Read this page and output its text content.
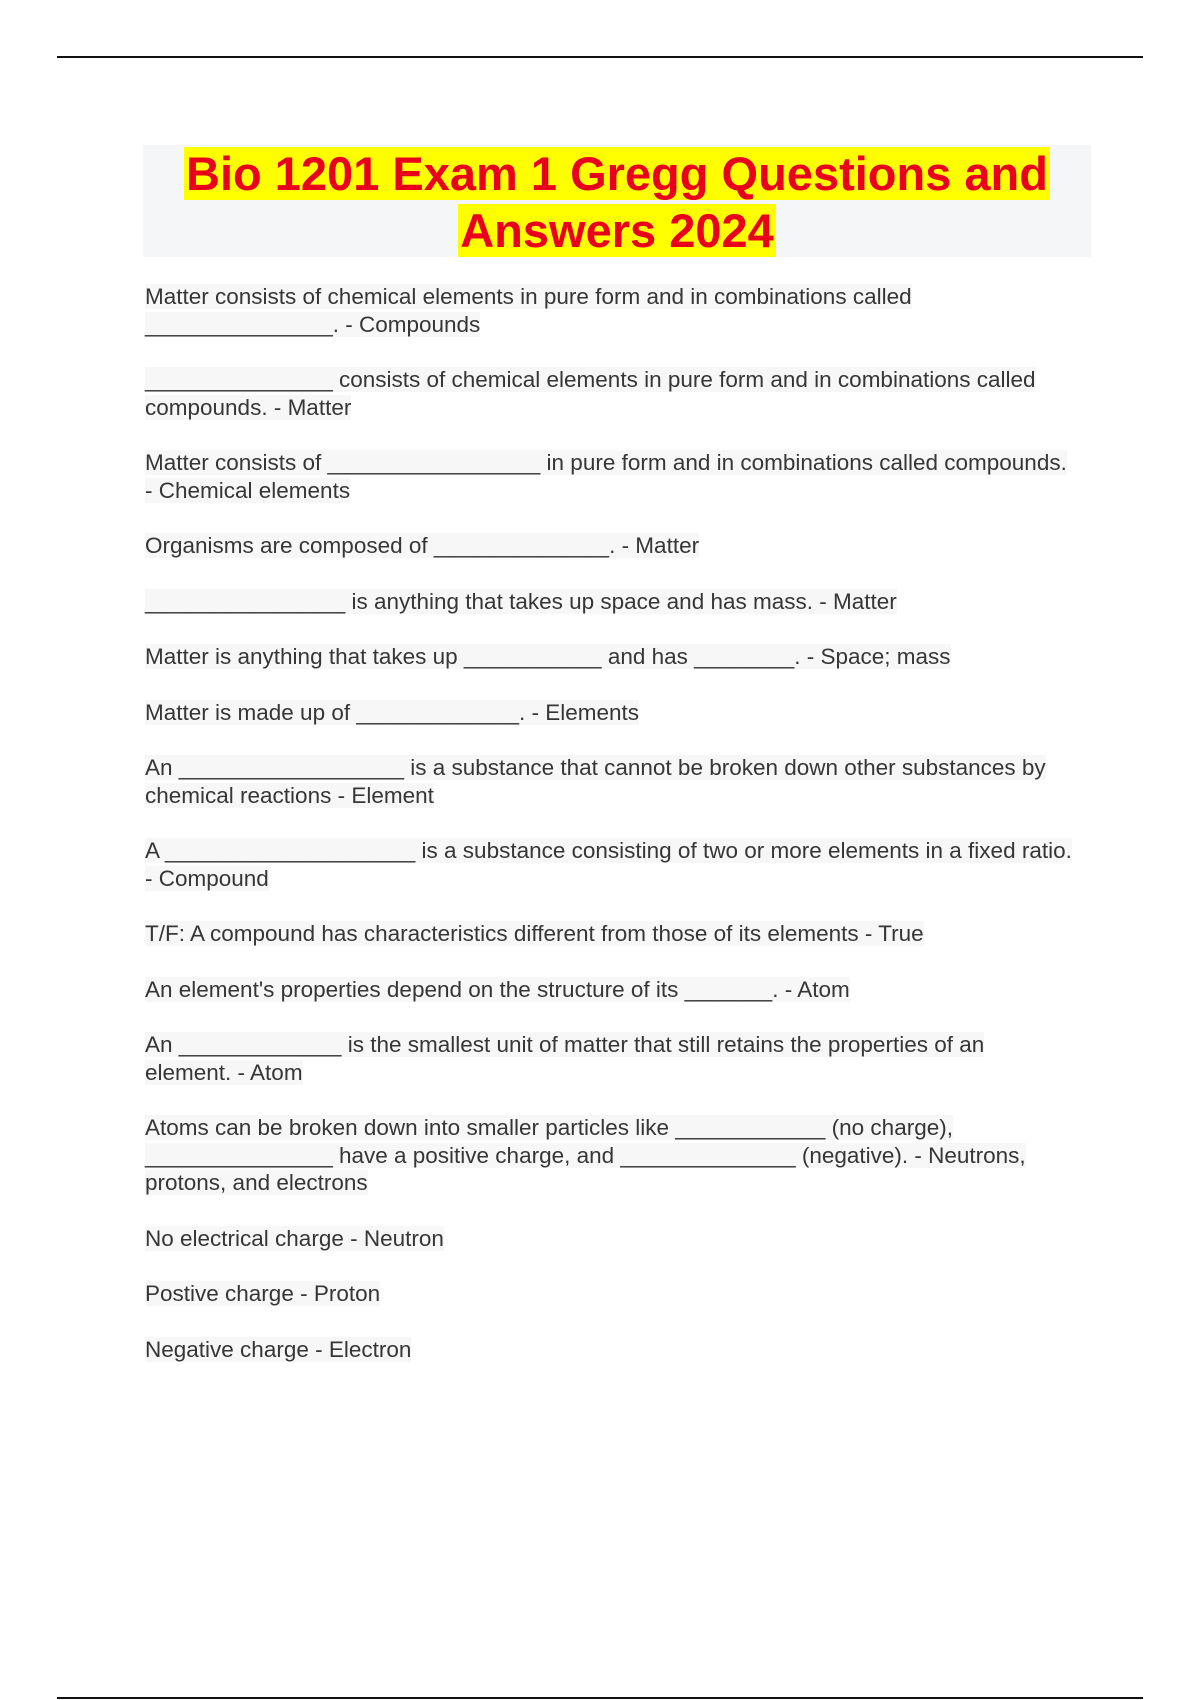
Bio 1201 Exam 1 Gregg Questions and Answers 2024
Matter consists of chemical elements in pure form and in combinations called _______________. - Compounds
_______________ consists of chemical elements in pure form and in combinations called compounds. - Matter
Matter consists of _________________ in pure form and in combinations called compounds. - Chemical elements
Organisms are composed of ______________. - Matter
________________ is anything that takes up space and has mass. - Matter
Matter is anything that takes up ___________ and has ________. - Space; mass
Matter is made up of _____________. - Elements
An __________________ is a substance that cannot be broken down other substances by chemical reactions - Element
A ____________________ is a substance consisting of two or more elements in a fixed ratio. - Compound
T/F: A compound has characteristics different from those of its elements - True
An element's properties depend on the structure of its _______. - Atom
An _____________ is the smallest unit of matter that still retains the properties of an element. - Atom
Atoms can be broken down into smaller particles like ____________ (no charge), _______________ have a positive charge, and ______________ (negative). - Neutrons, protons, and electrons
No electrical charge - Neutron
Postive charge - Proton
Negative charge - Electron
